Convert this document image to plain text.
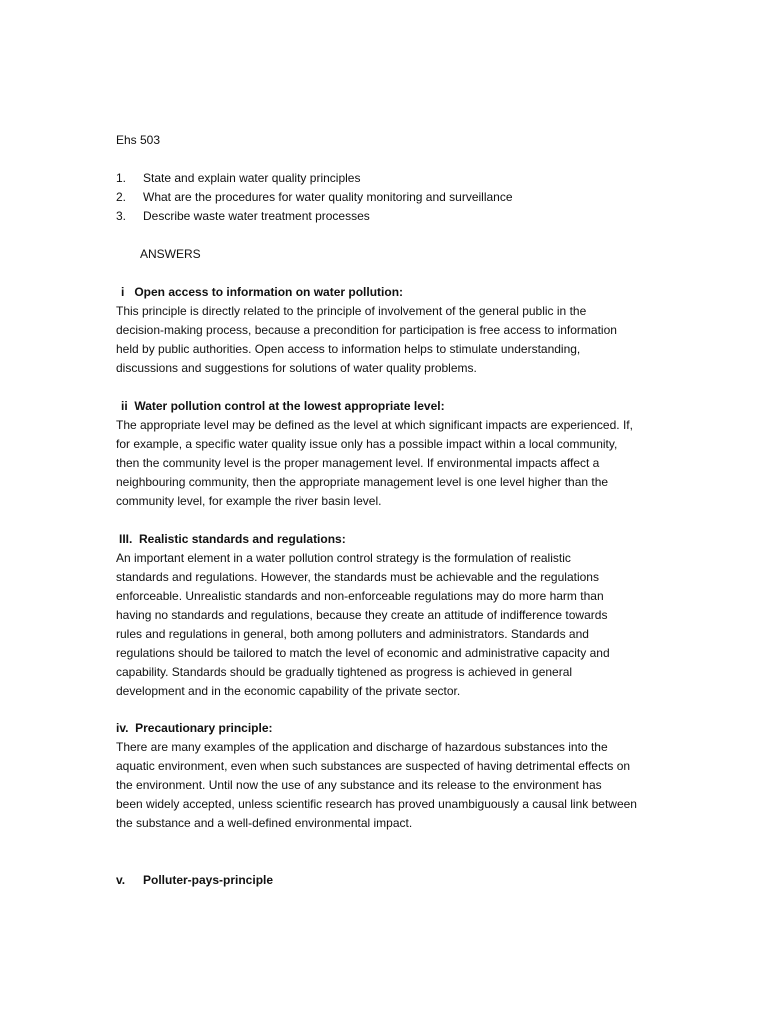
Ehs 503
1. State and explain water quality principles
2. What are the procedures for water quality monitoring and surveillance
3. Describe waste water treatment processes
ANSWERS
i   Open access to information on water pollution:

This principle is directly related to the principle of involvement of the general public in the

decision-making process, because a precondition for participation is free access to information

held by public authorities. Open access to information helps to stimulate understanding,

discussions and suggestions for solutions of water quality problems.

ii  Water pollution control at the lowest appropriate level:

The appropriate level may be defined as the level at which significant impacts are experienced. If,

for example, a specific water quality issue only has a possible impact within a local community,

then the community level is the proper management level. If environmental impacts affect a

neighbouring community, then the appropriate management level is one level higher than the

community level, for example the river basin level.

III.  Realistic standards and regulations:

An important element in a water pollution control strategy is the formulation of realistic

standards and regulations. However, the standards must be achievable and the regulations

enforceable. Unrealistic standards and non-enforceable regulations may do more harm than

having no standards and regulations, because they create an attitude of indifference towards

rules and regulations in general, both among polluters and administrators. Standards and

regulations should be tailored to match the level of economic and administrative capacity and

capability. Standards should be gradually tightened as progress is achieved in general

development and in the economic capability of the private sector.

iv.  Precautionary principle:

There are many examples of the application and discharge of hazardous substances into the

aquatic environment, even when such substances are suspected of having detrimental effects on

the environment. Until now the use of any substance and its release to the environment has

been widely accepted, unless scientific research has proved unambiguously a causal link between

the substance and a well-defined environmental impact.

v. Polluter-pays-principle
